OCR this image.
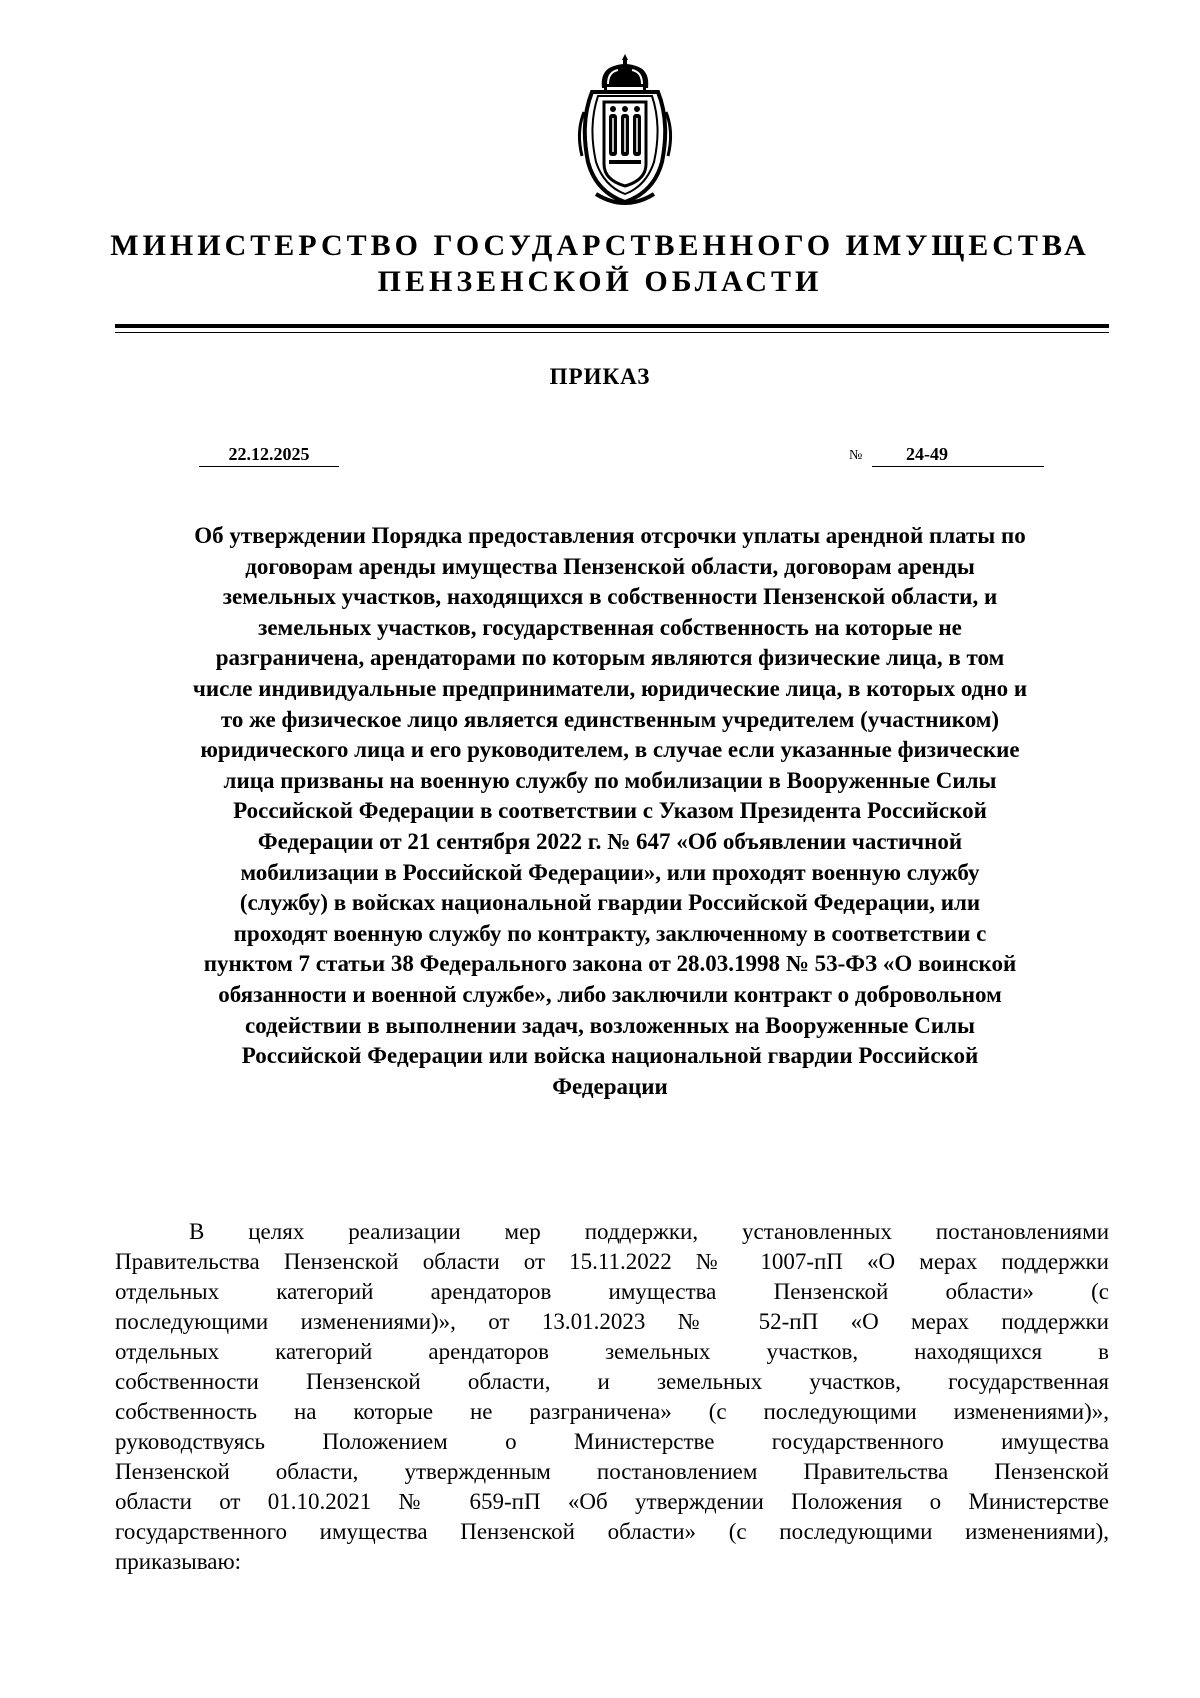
МИНИСТЕРСТВО ГОСУДАРСТВЕННОГО ИМУЩЕСТВА
ПЕНЗЕНСКОЙ ОБЛАСТИ
ПРИКАЗ
22.12.2025	№	24-49
Об утверждении Порядка предоставления отсрочки уплаты арендной платы по
договорам аренды имущества Пензенской области, договорам аренды
земельных участков, находящихся в собственности Пензенской области, и
земельных участков, государственная собственность на которые не
разграничена, арендаторами по которым являются физические лица, в том
числе индивидуальные предприниматели, юридические лица, в которых одно и
то же физическое лицо является единственным учредителем (участником)
юридического лица и его руководителем, в случае если указанные физические
лица призваны на военную службу по мобилизации в Вооруженные Силы
Российской Федерации в соответствии с Указом Президента Российской
Федерации от 21 сентября 2022 г. № 647 «Об объявлении частичной
мобилизации в Российской Федерации», или проходят военную службу
(службу) в войсках национальной гвардии Российской Федерации, или
проходят военную службу по контракту, заключенному в соответствии с
пунктом 7 статьи 38 Федерального закона от 28.03.1998 № 53-ФЗ «О воинской
обязанности и военной службе», либо заключили контракт о добровольном
содействии в выполнении задач, возложенных на Вооруженные Силы
Российской Федерации или войска национальной гвардии Российской
Федерации
В целях реализации мер поддержки, установленных постановлениями
Правительства Пензенской области от 15.11.2022 № 1007-пП «О мерах поддержки
отдельных категорий арендаторов имущества Пензенской области» (с
последующими изменениями)», от 13.01.2023 № 52-пП «О мерах поддержки
отдельных категорий арендаторов земельных участков, находящихся в
собственности Пензенской области, и земельных участков, государственная
собственность на которые не разграничена» (с последующими изменениями)»,
руководствуясь Положением о Министерстве государственного имущества
Пензенской области, утвержденным постановлением Правительства Пензенской
области от 01.10.2021 № 659-пП «Об утверждении Положения о Министерстве
государственного имущества Пензенской области» (с последующими изменениями),
приказываю:
